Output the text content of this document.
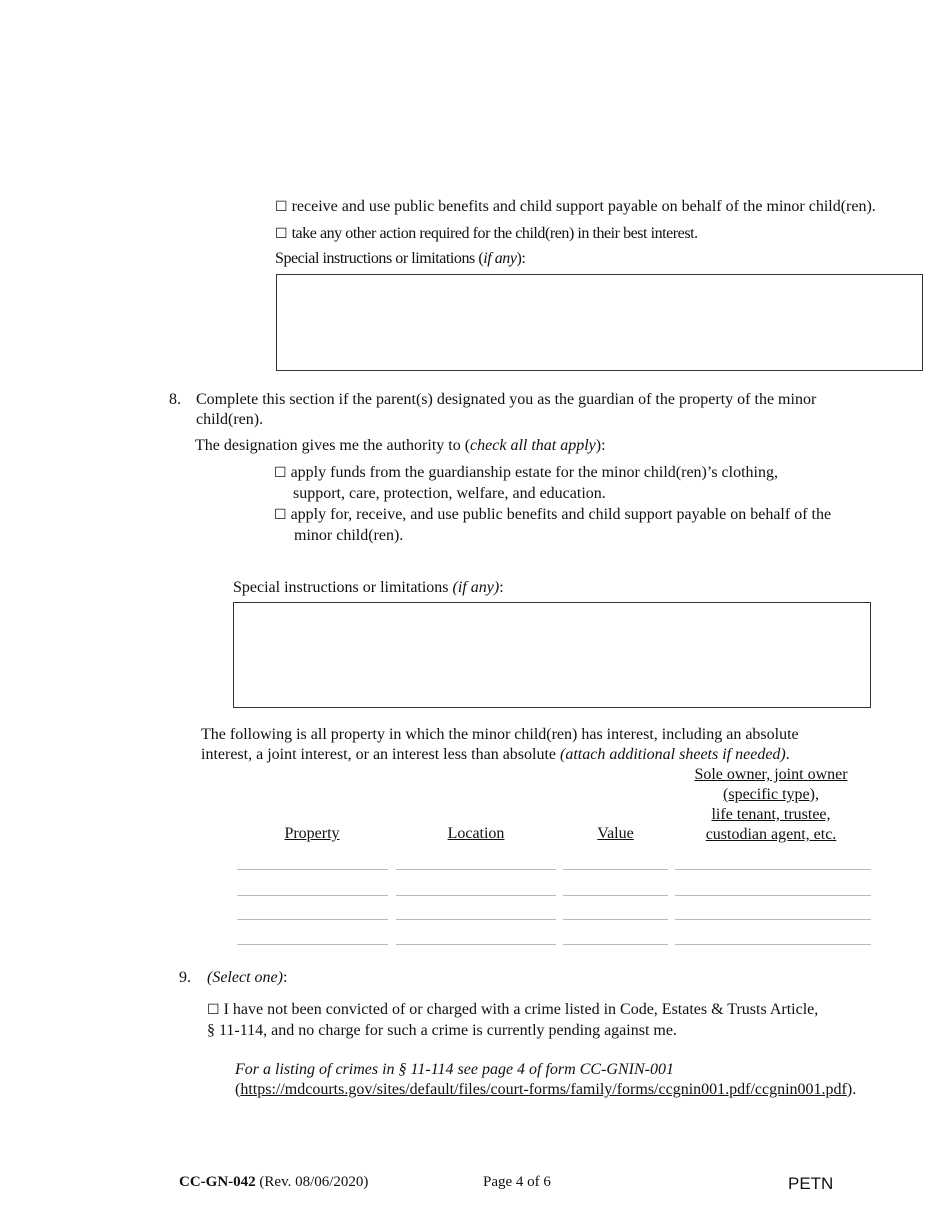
☐ receive and use public benefits and child support payable on behalf of the minor child(ren).
☐ take any other action required for the child(ren) in their best interest.
Special instructions or limitations (if any):
8. Complete this section if the parent(s) designated you as the guardian of the property of the minor
child(ren).
The designation gives me the authority to (check all that apply):
☐ apply funds from the guardianship estate for the minor child(ren)’s clothing,
support, care, protection, welfare, and education.
☐ apply for, receive, and use public benefits and child support payable on behalf of the
minor child(ren).
Special instructions or limitations (if any):
The following is all property in which the minor child(ren) has interest, including an absolute
interest, a joint interest, or an interest less than absolute (attach additional sheets if needed).
Property	Location	Value
Sole owner, joint owner
(specific type),
life tenant, trustee,
custodian agent, etc.
9. (Select one):
☐ I have not been convicted of or charged with a crime listed in Code, Estates & Trusts Article,
§ 11-114, and no charge for such a crime is currently pending against me.
For a listing of crimes in § 11-114 see page 4 of form CC-GNIN-001
(https://mdcourts.gov/sites/default/files/court-forms/family/forms/ccgnin001.pdf/ccgnin001.pdf).
CC-GN-042 (Rev. 08/06/2020)	Page 4 of 6	PETN
